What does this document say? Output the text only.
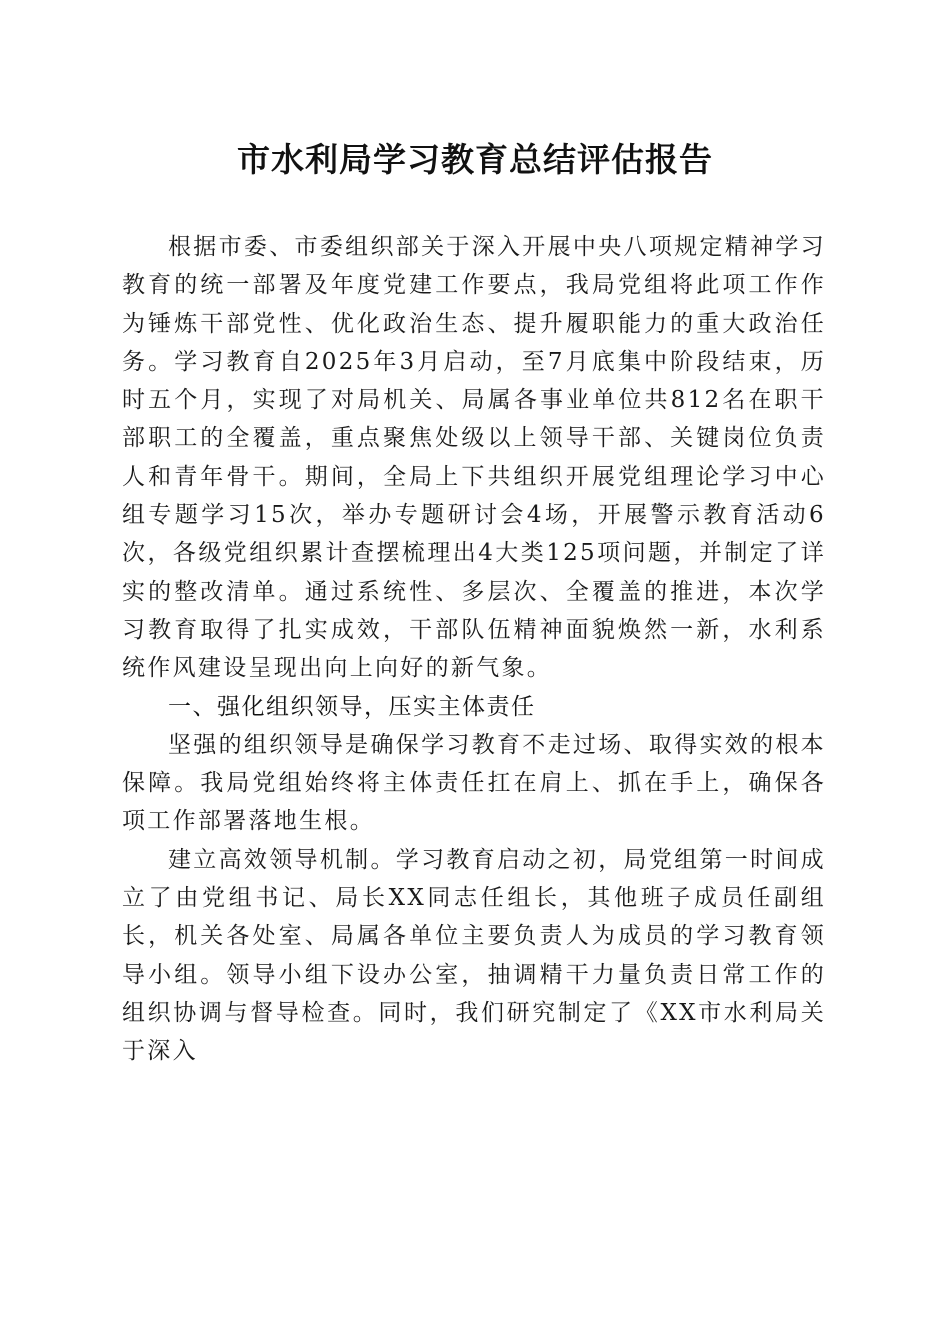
市水利局学习教育总结评估报告

根据市委、市委组织部关于深入开展中央八项规定精神学习教育的统一部署及年度党建工作要点，我局党组将此项工作作为锤炼干部党性、优化政治生态、提升履职能力的重大政治任务。学习教育自2025年3月启动，至7月底集中阶段结束，历时五个月，实现了对局机关、局属各事业单位共812名在职干部职工的全覆盖，重点聚焦处级以上领导干部、关键岗位负责人和青年骨干。期间，全局上下共组织开展党组理论学习中心组专题学习15次，举办专题研讨会4场，开展警示教育活动6次，各级党组织累计查摆梳理出4大类125项问题，并制定了详实的整改清单。通过系统性、多层次、全覆盖的推进，本次学习教育取得了扎实成效，干部队伍精神面貌焕然一新，水利系统作风建设呈现出向上向好的新气象。

一、强化组织领导，压实主体责任

坚强的组织领导是确保学习教育不走过场、取得实效的根本保障。我局党组始终将主体责任扛在肩上、抓在手上，确保各项工作部署落地生根。

建立高效领导机制。学习教育启动之初，局党组第一时间成立了由党组书记、局长XX同志任组长，其他班子成员任副组长，机关各处室、局属各单位主要负责人为成员的学习教育领导小组。领导小组下设办公室，抽调精干力量负责日常工作的组织协调与督导检查。同时，我们研究制定了《XX市水利局关于深入
